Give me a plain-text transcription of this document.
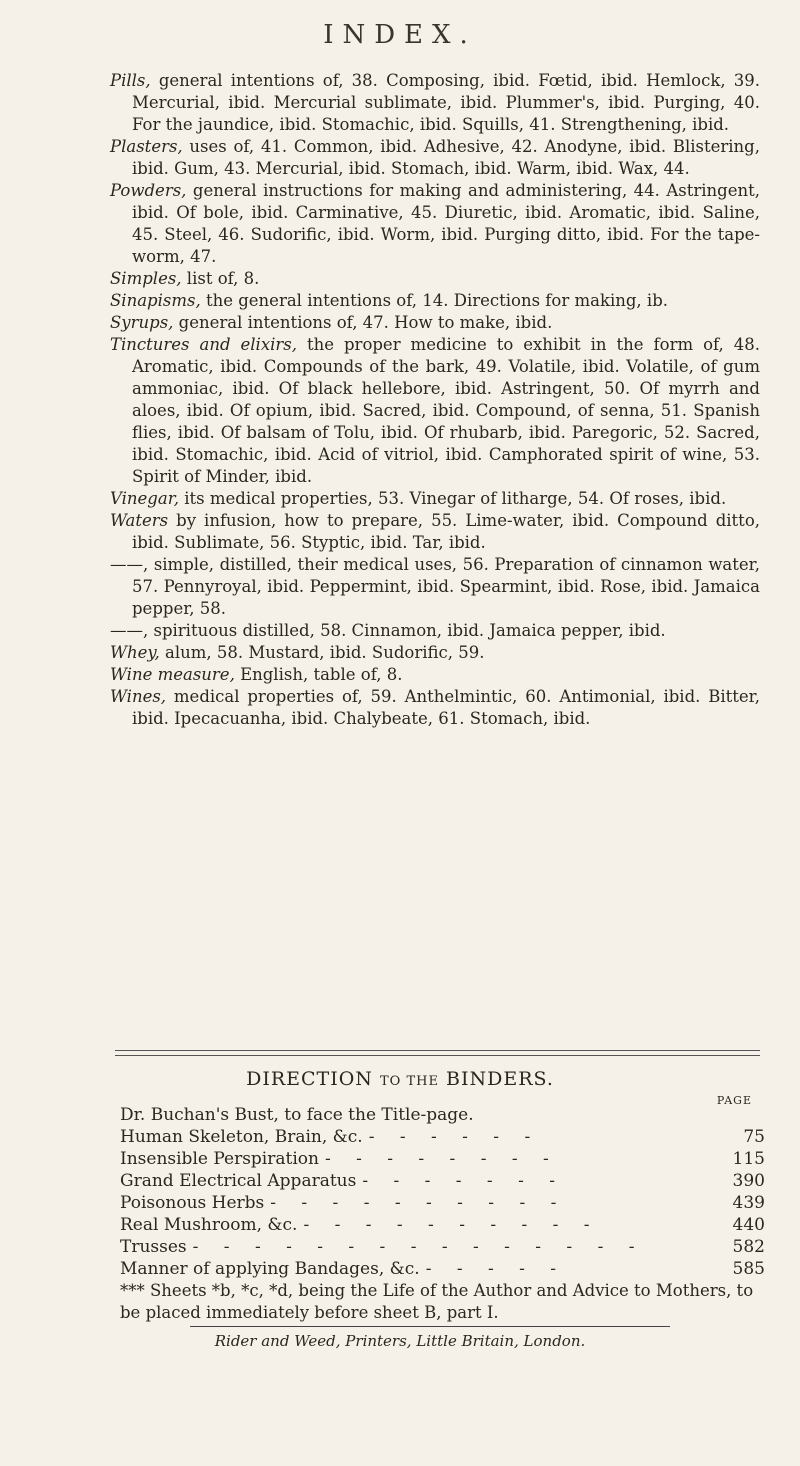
INDEX.

Pills, general intentions of, 38. Composing, ibid. Fœtid, ibid. Hemlock, 39. Mercurial, ibid. Mercurial sublimate, ibid. Plummer's, ibid. Purging, 40. For the jaundice, ibid. Stomachic, ibid. Squills, 41. Strengthening, ibid.

Plasters, uses of, 41. Common, ibid. Adhesive, 42. Anodyne, ibid. Blistering, ibid. Gum, 43. Mercurial, ibid. Stomach, ibid. Warm, ibid. Wax, 44.

Powders, general instructions for making and administering, 44. Astringent, ibid. Of bole, ibid. Carminative, 45. Diuretic, ibid. Aromatic, ibid. Saline, 45. Steel, 46. Sudorific, ibid. Worm, ibid. Purging ditto, ibid. For the tape-worm, 47.

Simples, list of, 8.

Sinapisms, the general intentions of, 14. Directions for making, ib.

Syrups, general intentions of, 47. How to make, ibid.

Tinctures and elixirs, the proper medicine to exhibit in the form of, 48. Aromatic, ibid. Compounds of the bark, 49. Volatile, ibid. Volatile, of gum ammoniac, ibid. Of black hellebore, ibid. Astringent, 50. Of myrrh and aloes, ibid. Of opium, ibid. Sacred, ibid. Compound, of senna, 51. Spanish flies, ibid. Of balsam of Tolu, ibid. Of rhubarb, ibid. Paregoric, 52. Sacred, ibid. Stomachic, ibid. Acid of vitriol, ibid. Camphorated spirit of wine, 53. Spirit of Minder, ibid.

Vinegar, its medical properties, 53. Vinegar of litharge, 54. Of roses, ibid.

Waters by infusion, how to prepare, 55. Lime-water, ibid. Compound ditto, ibid. Sublimate, 56. Styptic, ibid. Tar, ibid.

——, simple, distilled, their medical uses, 56. Preparation of cinnamon water, 57. Pennyroyal, ibid. Peppermint, ibid. Spearmint, ibid. Rose, ibid. Jamaica pepper, 58.

——, spirituous distilled, 58. Cinnamon, ibid. Jamaica pepper, ibid.

Whey, alum, 58. Mustard, ibid. Sudorific, 59.

Wine measure, English, table of, 8.

Wines, medical properties of, 59. Anthelmintic, 60. Antimonial, ibid. Bitter, ibid. Ipecacuanha, ibid. Chalybeate, 61. Stomach, ibid.

DIRECTION TO THE BINDERS.
PAGE
Dr. Buchan's Bust, to face the Title-page.
Human Skeleton, Brain, &c. - - - - - -	75
Insensible Perspiration - - - - - - - -	115
Grand Electrical Apparatus - - - - - - -	390
Poisonous Herbs - - - - - - - - - -	439
Real Mushroom, &c. - - - - - - - - - -	440
Trusses - - - - - - - - - - - - - - -	582
Manner of applying Bandages, &c. - - - - -	585
*** Sheets *b, *c, *d, being the Life of the Author and Advice to Mothers, to be placed immediately before sheet B, part I.
Rider and Weed, Printers, Little Britain, London.
